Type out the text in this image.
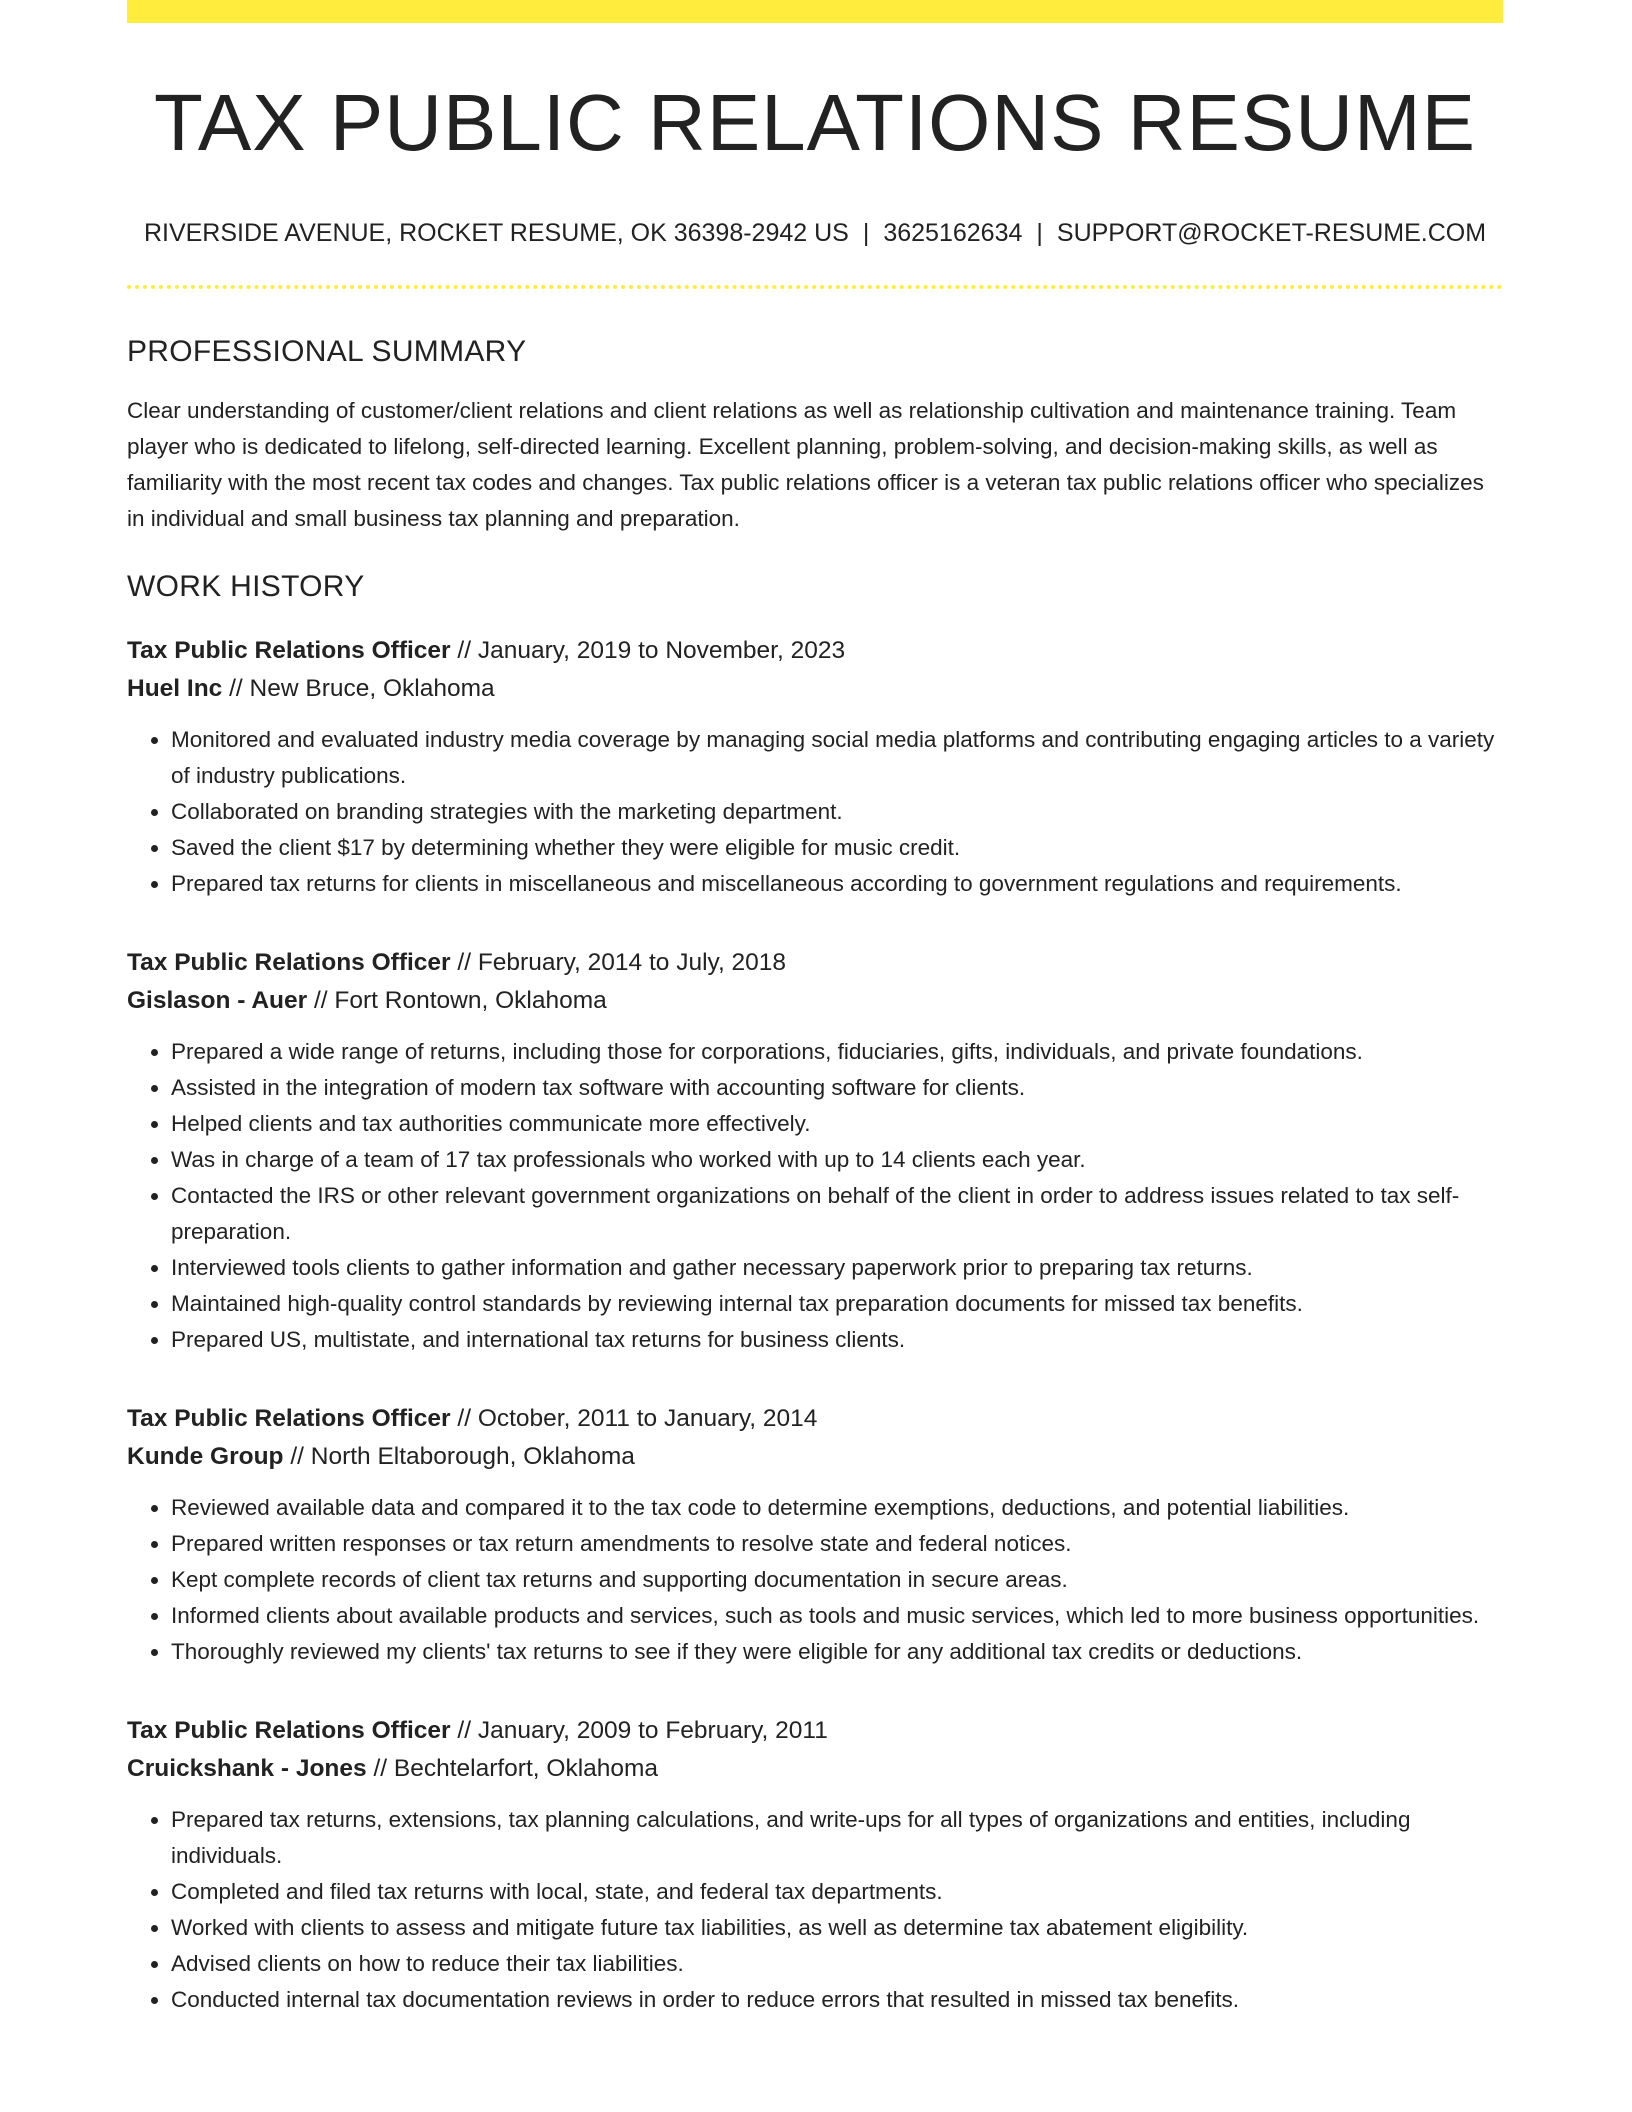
TAX PUBLIC RELATIONS RESUME
RIVERSIDE AVENUE, ROCKET RESUME, OK 36398-2942 US | 3625162634 | SUPPORT@ROCKET-RESUME.COM
PROFESSIONAL SUMMARY

Clear understanding of customer/client relations and client relations as well as relationship cultivation and maintenance training. Team player who is dedicated to lifelong, self-directed learning. Excellent planning, problem-solving, and decision-making skills, as well as familiarity with the most recent tax codes and changes. Tax public relations officer is a veteran tax public relations officer who specializes in individual and small business tax planning and preparation.

WORK HISTORY
Tax Public Relations Officer // January, 2019 to November, 2023
Huel Inc // New Bruce, Oklahoma
• Monitored and evaluated industry media coverage by managing social media platforms and contributing engaging articles to a variety of industry publications.
• Collaborated on branding strategies with the marketing department.
• Saved the client $17 by determining whether they were eligible for music credit.
• Prepared tax returns for clients in miscellaneous and miscellaneous according to government regulations and requirements.
Tax Public Relations Officer // February, 2014 to July, 2018
Gislason - Auer // Fort Rontown, Oklahoma
• Prepared a wide range of returns, including those for corporations, fiduciaries, gifts, individuals, and private foundations.
• Assisted in the integration of modern tax software with accounting software for clients.
• Helped clients and tax authorities communicate more effectively.
• Was in charge of a team of 17 tax professionals who worked with up to 14 clients each year.
• Contacted the IRS or other relevant government organizations on behalf of the client in order to address issues related to tax self-preparation.
• Interviewed tools clients to gather information and gather necessary paperwork prior to preparing tax returns.
• Maintained high-quality control standards by reviewing internal tax preparation documents for missed tax benefits.
• Prepared US, multistate, and international tax returns for business clients.
Tax Public Relations Officer // October, 2011 to January, 2014
Kunde Group // North Eltaborough, Oklahoma
• Reviewed available data and compared it to the tax code to determine exemptions, deductions, and potential liabilities.
• Prepared written responses or tax return amendments to resolve state and federal notices.
• Kept complete records of client tax returns and supporting documentation in secure areas.
• Informed clients about available products and services, such as tools and music services, which led to more business opportunities.
• Thoroughly reviewed my clients' tax returns to see if they were eligible for any additional tax credits or deductions.
Tax Public Relations Officer // January, 2009 to February, 2011
Cruickshank - Jones // Bechtelarfort, Oklahoma
• Prepared tax returns, extensions, tax planning calculations, and write-ups for all types of organizations and entities, including individuals.
• Completed and filed tax returns with local, state, and federal tax departments.
• Worked with clients to assess and mitigate future tax liabilities, as well as determine tax abatement eligibility.
• Advised clients on how to reduce their tax liabilities.
• Conducted internal tax documentation reviews in order to reduce errors that resulted in missed tax benefits.
